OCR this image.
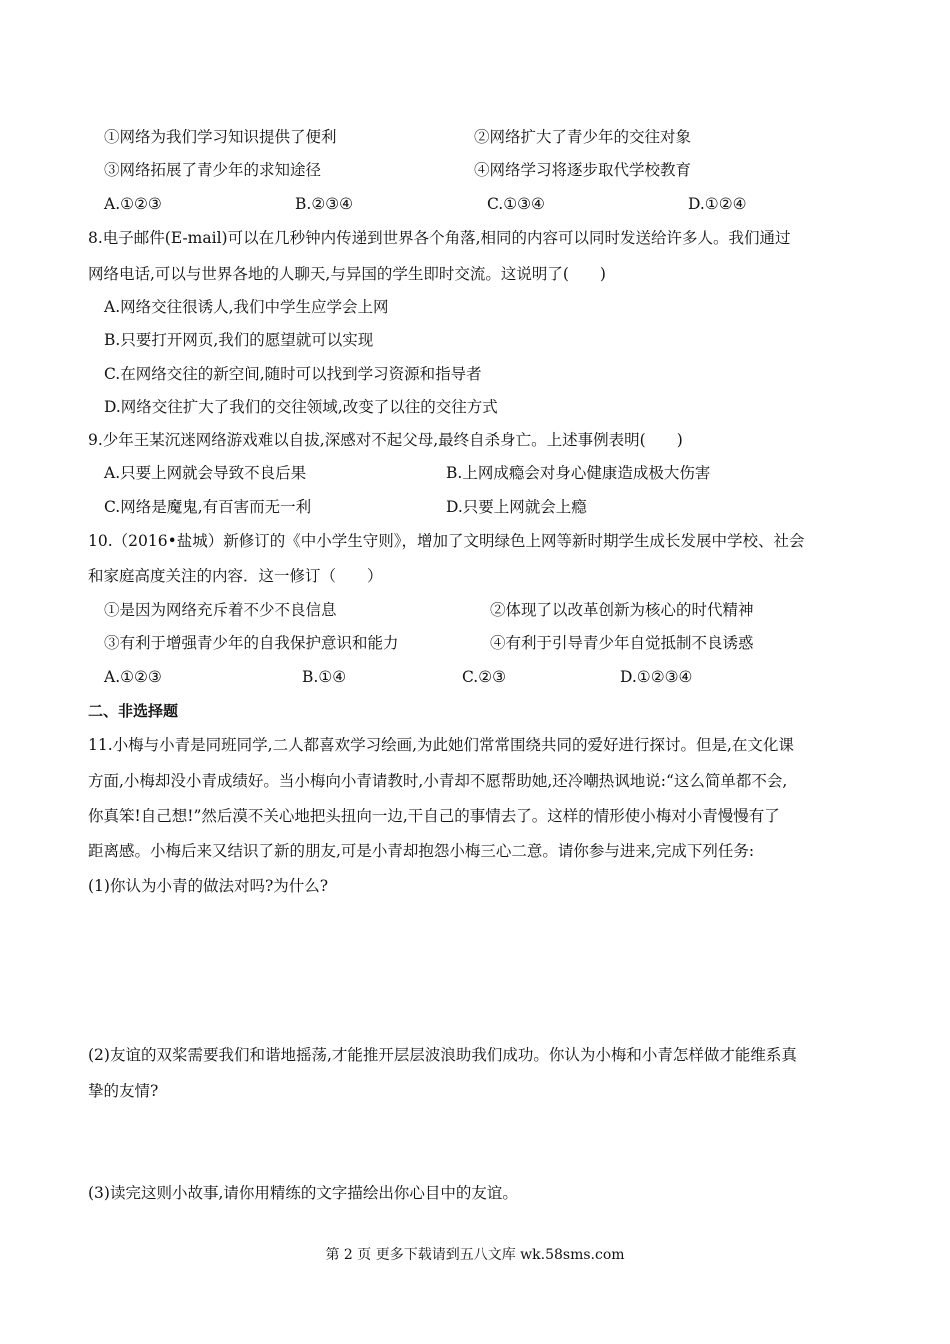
①网络为我们学习知识提供了便利	②网络扩大了青少年的交往对象
③网络拓展了青少年的求知途径	④网络学习将逐步取代学校教育
A.①②③	B.②③④	C.①③④	D.①②④
8.电子邮件(E-mail)可以在几秒钟内传递到世界各个角落,相同的内容可以同时发送给许多人。我们通过
网络电话,可以与世界各地的人聊天,与异国的学生即时交流。这说明了(　　)
A.网络交往很诱人,我们中学生应学会上网
B.只要打开网页,我们的愿望就可以实现
C.在网络交往的新空间,随时可以找到学习资源和指导者
D.网络交往扩大了我们的交往领域,改变了以往的交往方式
9.少年王某沉迷网络游戏难以自拔,深感对不起父母,最终自杀身亡。上述事例表明(　　)
A.只要上网就会导致不良后果	B.上网成瘾会对身心健康造成极大伤害
C.网络是魔鬼,有百害而无一利	D.只要上网就会上瘾
10.（2016•盐城）新修订的《中小学生守则》，增加了文明绿色上网等新时期学生成长发展中学校、社会
和家庭高度关注的内容．这一修订（　　）
①是因为网络充斥着不少不良信息	②体现了以改革创新为核心的时代精神
③有利于增强青少年的自我保护意识和能力	④有利于引导青少年自觉抵制不良诱惑
A.①②③	B.①④	C.②③	D.①②③④
二、非选择题
11.小梅与小青是同班同学,二人都喜欢学习绘画,为此她们常常围绕共同的爱好进行探讨。但是,在文化课
方面,小梅却没小青成绩好。当小梅向小青请教时,小青却不愿帮助她,还冷嘲热讽地说:“这么简单都不会,
你真笨!自己想!”然后漠不关心地把头扭向一边,干自己的事情去了。这样的情形使小梅对小青慢慢有了
距离感。小梅后来又结识了新的朋友,可是小青却抱怨小梅三心二意。请你参与进来,完成下列任务:
(1)你认为小青的做法对吗?为什么?
(2)友谊的双桨需要我们和谐地摇荡,才能推开层层波浪助我们成功。你认为小梅和小青怎样做才能维系真
挚的友情?
(3)读完这则小故事,请你用精练的文字描绘出你心目中的友谊。
第 2 页 更多下载请到五八文库 wk.58sms.com
